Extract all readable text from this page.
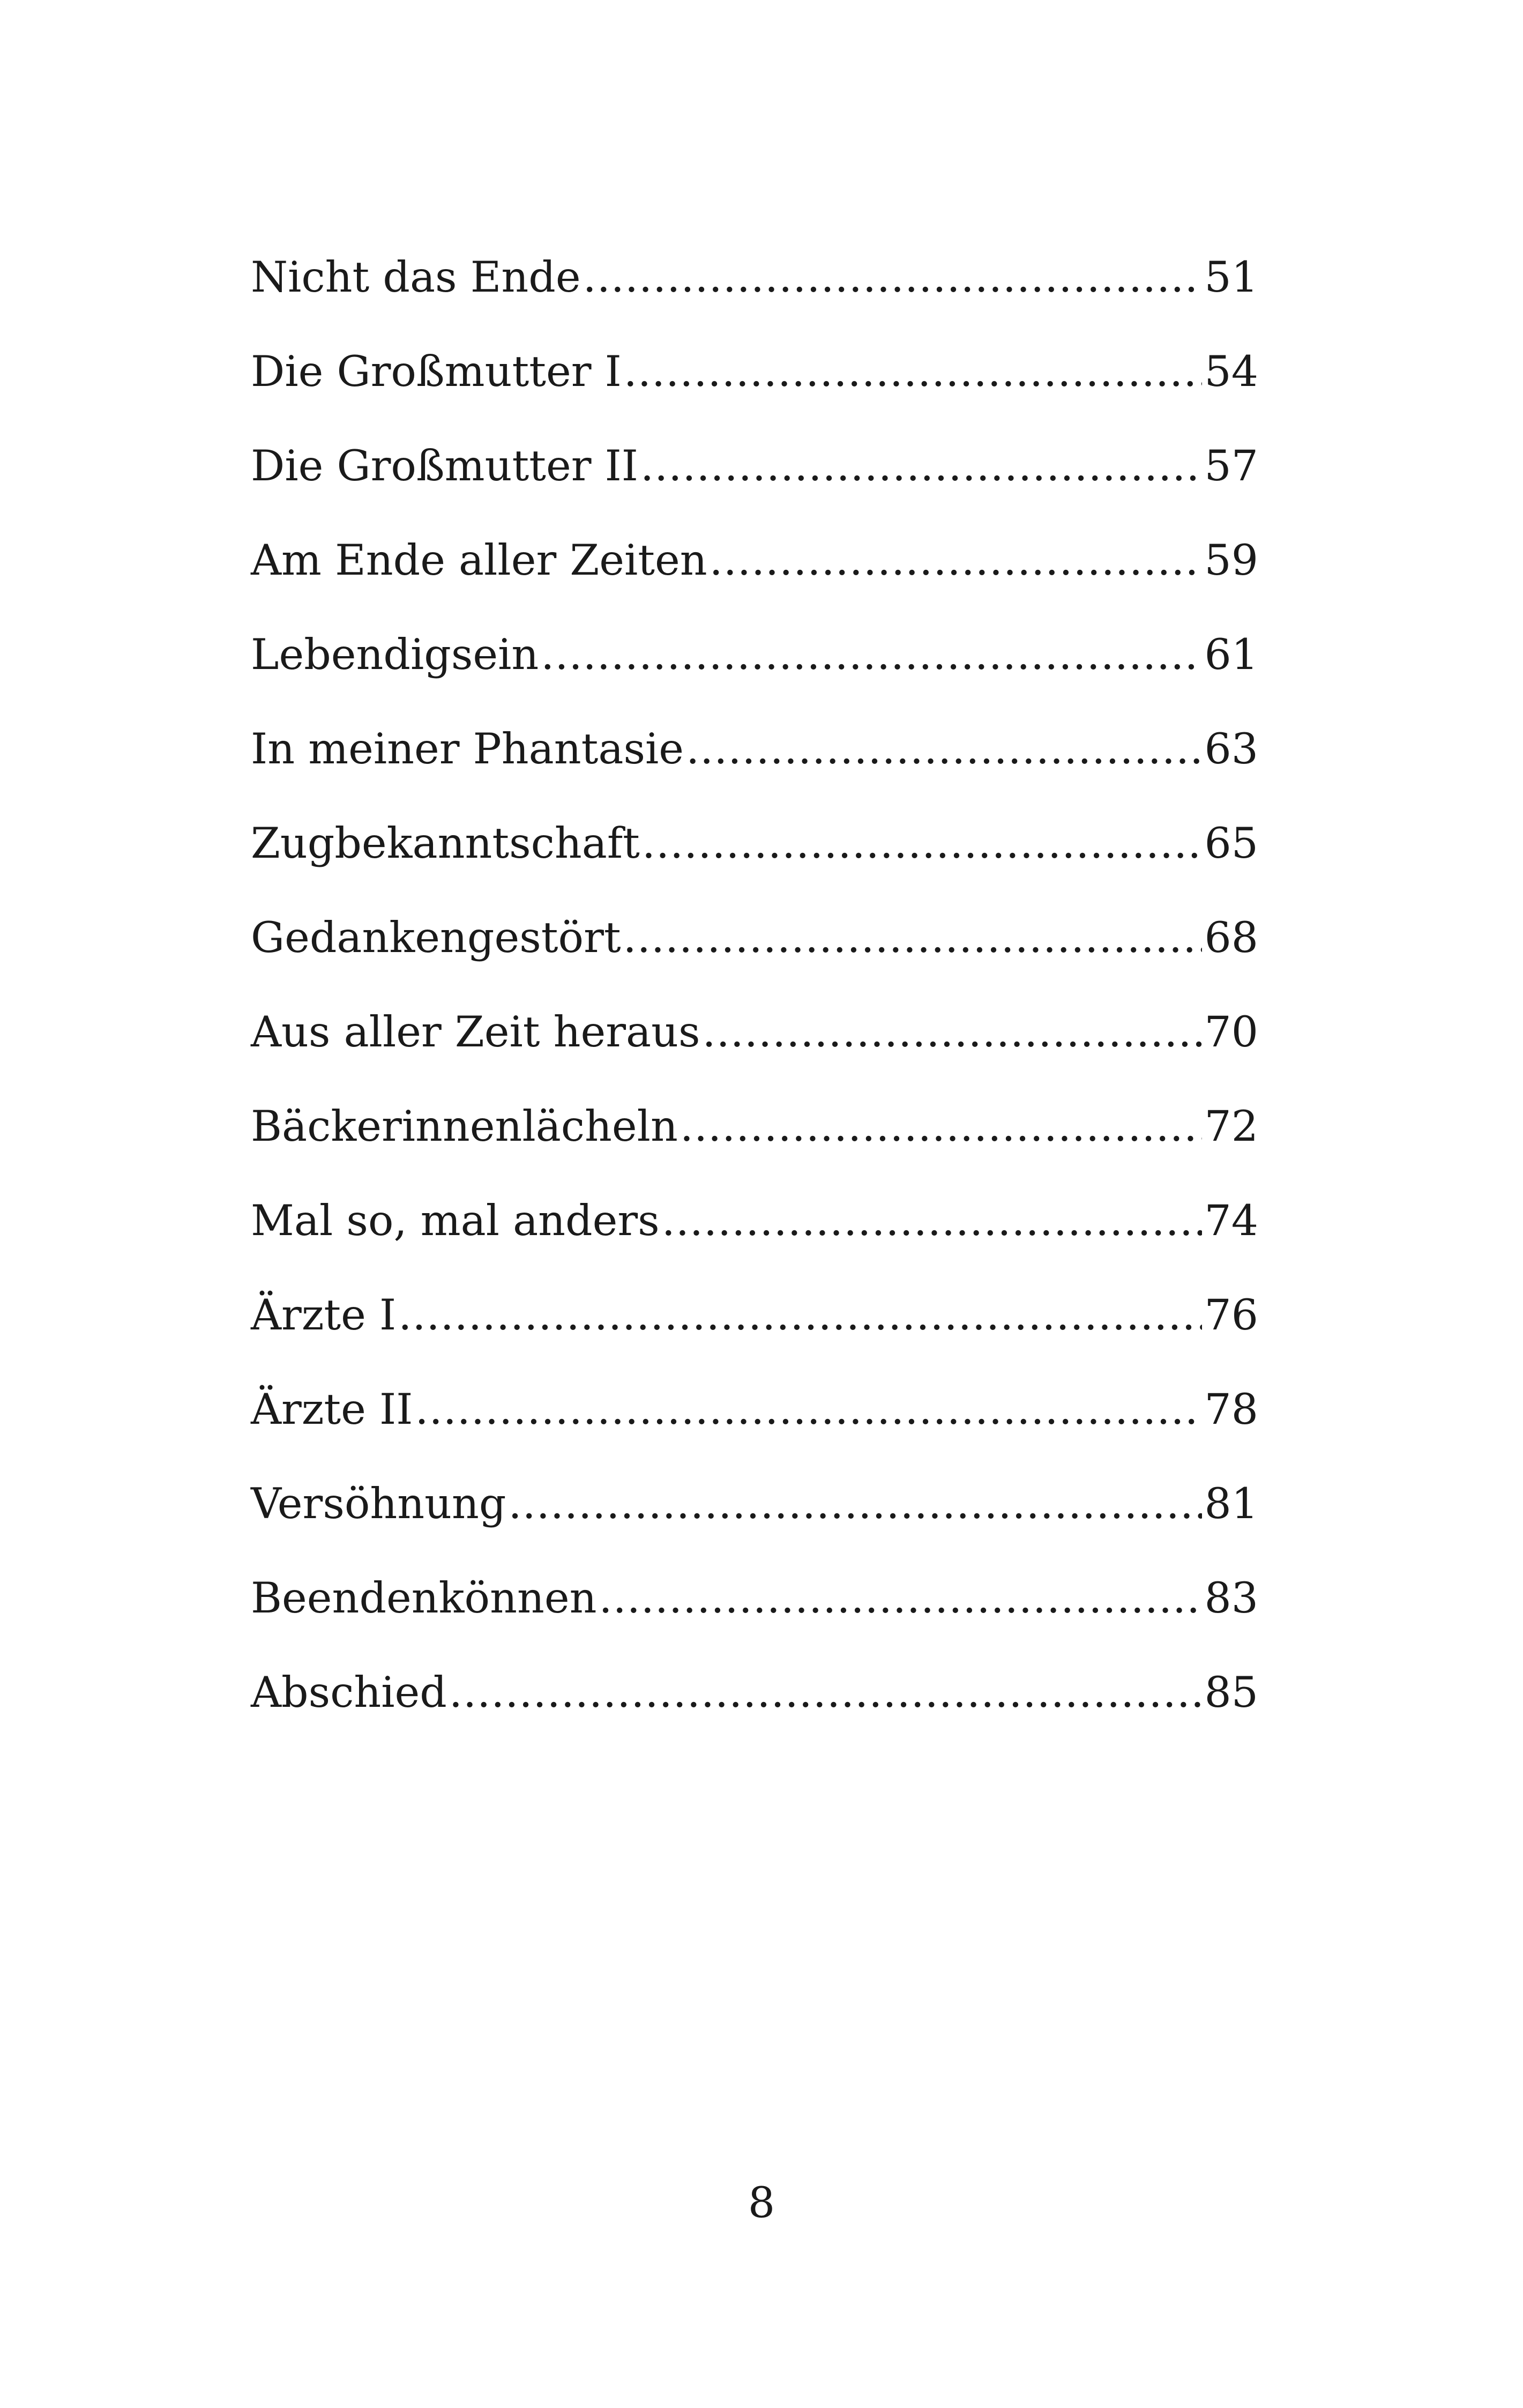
Nicht das Ende .....	51
Die Großmutter I .....	54
Die Großmutter II .....	57
Am Ende aller Zeiten .....	59
Lebendigsein .....	61
In meiner Phantasie .....	63
Zugbekanntschaft .....	65
Gedankengestört .....	68
Aus aller Zeit heraus .....	70
Bäckerinnenlächeln .....	72
Mal so, mal anders .....	74
Ärzte I .....	76
Ärzte II .....	78
Versöhnung .....	81
Beendenkönnen .....	83
Abschied .....	85
8
